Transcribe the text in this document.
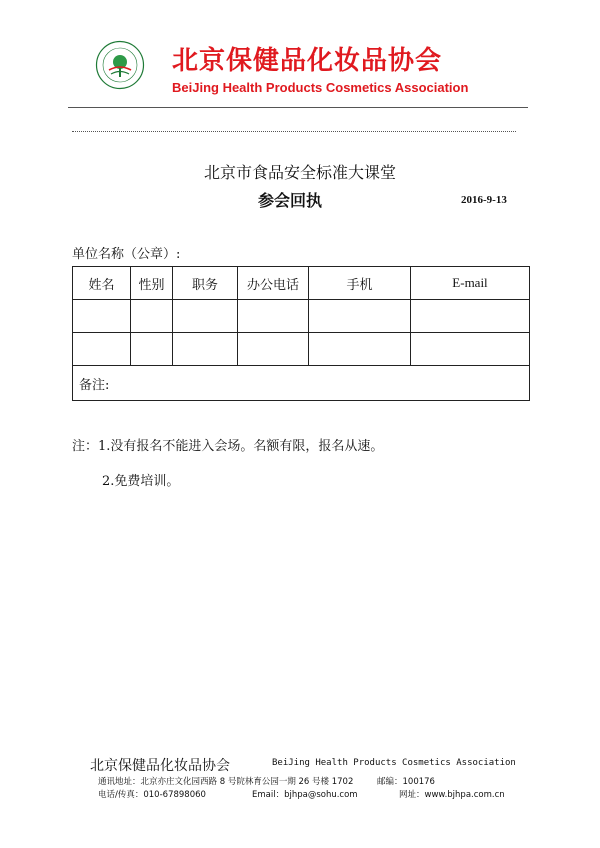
北京保健品化妆品协会
BeiJing Health Products Cosmetics Association
北京市食品安全标准大课堂
参会回执	2016-9-13
单位名称（公章）:
姓名	性别	职务	办公电话	手机	E-mail

备注:					
注：1.没有报名不能进入会场。名额有限，报名从速。
2.免费培训。
北京保健品化妆品协会	BeiJing Health Products Cosmetics Association
通讯地址：北京亦庄文化园西路 8 号院林育公园一期 26 号楼 1702	邮编：100176
电话/传真：010-67898060	Email：bjhpa@sohu.com	网址：www.bjhpa.com.cn
